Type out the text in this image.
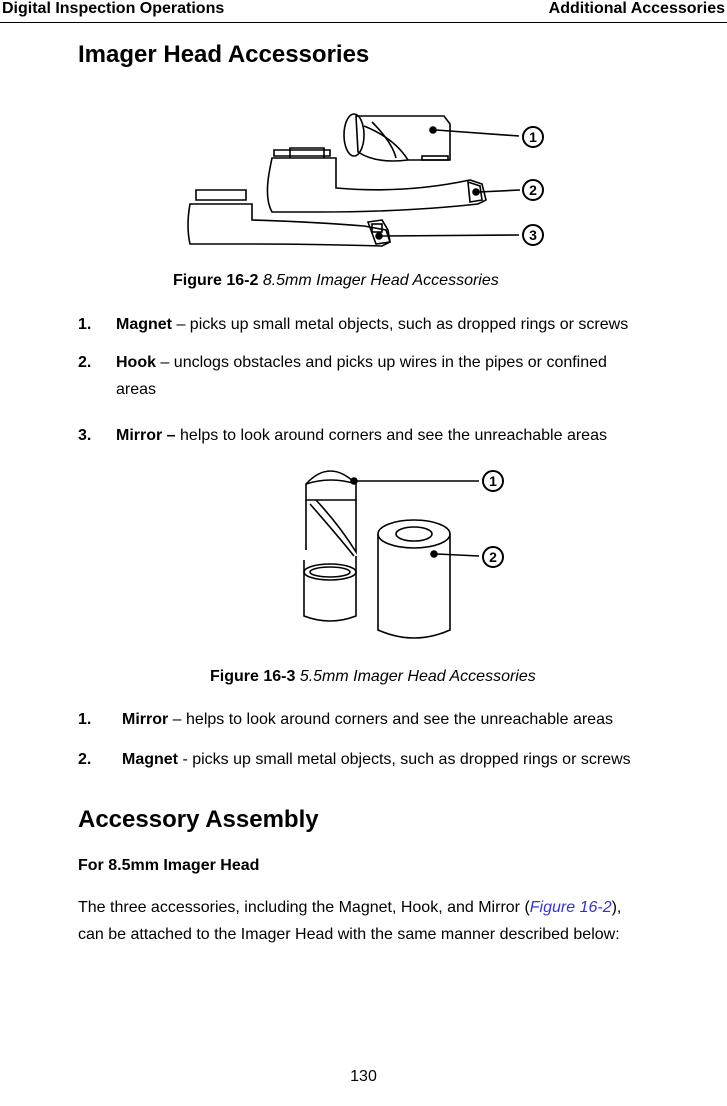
Digital Inspection Operations	Additional Accessories
Imager Head Accessories
1
2
3
Figure 16-2 8.5mm Imager Head Accessories
1. Magnet – picks up small metal objects, such as dropped rings or screws
2. Hook – unclogs obstacles and picks up wires in the pipes or confined
areas
3. Mirror – helps to look around corners and see the unreachable areas
1
2
Figure 16-3 5.5mm Imager Head Accessories
1. Mirror – helps to look around corners and see the unreachable areas
2. Magnet - picks up small metal objects, such as dropped rings or screws
Accessory Assembly
For 8.5mm Imager Head
The three accessories, including the Magnet, Hook, and Mirror (Figure 16-2),
can be attached to the Imager Head with the same manner described below:
130
